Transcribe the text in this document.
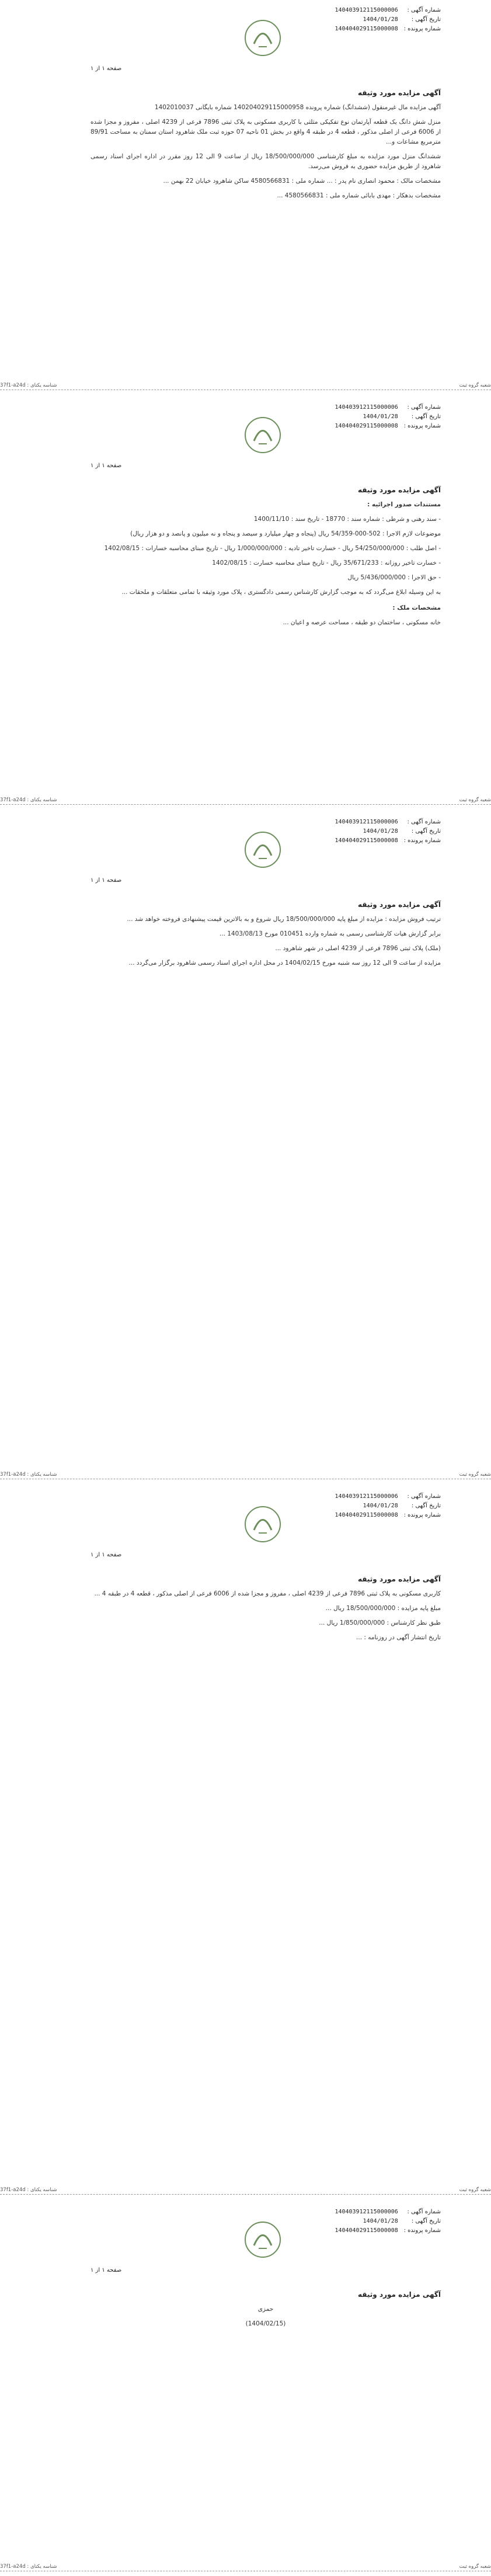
شماره آگهی : 140403912115000006
تاریخ آگهی : 1404/01/28
شماره پرونده : 140404029115000008
صفحه ۱ از ۱
آگهی مزایده مورد وثیقه

آگهی مزایده مال غیرمنقول (ششدانگ) شماره پرونده 140204029115000958 شماره بایگانی 1402010037

منزل شش دانگ یک قطعه آپارتمان نوع تفکیکی مثلثی با کاربری مسکونی به پلاک ثبتی 7896 فرعی از 4239 اصلی ، مفروز و مجزا شده از 6006 فرعی از اصلی مذکور ، قطعه 4 در طبقه 4 واقع در بخش 01 ناحیه 07 حوزه ثبت ملک شاهرود استان سمنان به مساحت 89/91 مترمربع مشاعات و...

ششدانگ منزل مورد مزایده به مبلغ کارشناسی 18/500/000/000 ریال از ساعت 9 الی 12 روز مقرر در اداره اجرای اسناد رسمی شاهرود از طریق مزایده حضوری به فروش می‌رسد.

مشخصات مالک : محمود انصاری نام پدر : ... شماره ملی : 4580566831 ساکن شاهرود خیابان 22 بهمن ...

مشخصات بدهکار : مهدی بابائی شماره ملی : 4580566831 ...

شعبه گروه ثبت
شناسه یکتای : 37f1-a24d
شماره آگهی : 140403912115000006
تاریخ آگهی : 1404/01/28
شماره پرونده : 140404029115000008
صفحه ۱ از ۱
آگهی مزایده مورد وثیقه

مستندات صدور اجرائیه :

- سند رهنی و شرطی : شماره سند : 18770 - تاریخ سند : 1400/11/10

موضوعات لازم الاجرا : 502-000-54/359 ریال (پنجاه و چهار میلیارد و سیصد و پنجاه و نه میلیون و پانصد و دو هزار ریال)

- اصل طلب : 54/250/000/000 ریال - خسارت تاخیر تادیه : 1/000/000/000 ریال - تاریخ مبنای محاسبه خسارات : 1402/08/15

- خسارت تاخیر روزانه : 35/671/233 ریال - تاریخ مبنای محاسبه خسارت : 1402/08/15

- حق الاجرا : 5/436/000/000 ریال

به این وسیله ابلاغ می‌گردد که به موجب گزارش کارشناس رسمی دادگستری ، پلاک مورد وثیقه با تمامی متعلقات و ملحقات ...

مشخصات ملک :

خانه مسکونی ، ساختمان دو طبقه ، مساحت عرصه و اعیان ...

شعبه گروه ثبت
شناسه یکتای : 37f1-a24d
شماره آگهی : 140403912115000006
تاریخ آگهی : 1404/01/28
شماره پرونده : 140404029115000008
صفحه ۱ از ۱
آگهی مزایده مورد وثیقه

ترتیب فروش مزایده : مزایده از مبلغ پایه 18/500/000/000 ریال شروع و به بالاترین قیمت پیشنهادی فروخته خواهد شد ...

برابر گزارش هیات کارشناسی رسمی به شماره وارده 010451 مورخ 1403/08/13 ...

(ملک) پلاک ثبتی 7896 فرعی از 4239 اصلی در شهر شاهرود ...

مزایده از ساعت 9 الی 12 روز سه شنبه مورخ 1404/02/15 در محل اداره اجرای اسناد رسمی شاهرود برگزار می‌گردد ...

شعبه گروه ثبت
شناسه یکتای : 37f1-a24d
شماره آگهی : 140403912115000006
تاریخ آگهی : 1404/01/28
شماره پرونده : 140404029115000008
صفحه ۱ از ۱
آگهی مزایده مورد وثیقه

کاربری مسکونی به پلاک ثبتی 7896 فرعی از 4239 اصلی ، مفروز و مجزا شده از 6006 فرعی از اصلی مذکور ، قطعه 4 در طبقه 4 ...

مبلغ پایه مزایده : 18/500/000/000 ریال ...

طبق نظر کارشناس : 1/850/000/000 ریال ...

تاریخ انتشار آگهی در روزنامه : ...

شعبه گروه ثبت
شناسه یکتای : 37f1-a24d
شماره آگهی : 140403912115000006
تاریخ آگهی : 1404/01/28
شماره پرونده : 140404029115000008
صفحه ۱ از ۱
آگهی مزایده مورد وثیقه

حمزی

(1404/02/15)

شعبه گروه ثبت
شناسه یکتای : 37f1-a24d
